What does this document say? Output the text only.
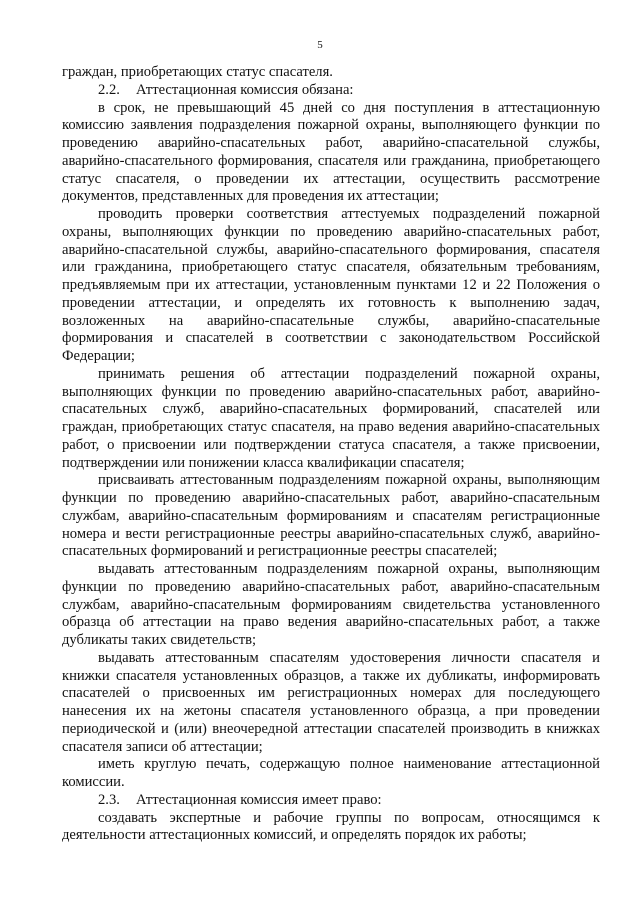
5

граждан, приобретающих статус спасателя.

2.2. Аттестационная комиссия обязана:

в срок, не превышающий 45 дней со дня поступления в аттестационную комиссию заявления подразделения пожарной охраны, выполняющего функции по проведению аварийно-спасательных работ, аварийно-спасательной службы, аварийно-спасательного формирования, спасателя или гражданина, приобретающего статус спасателя, о проведении их аттестации, осуществить рассмотрение документов, представленных для проведения их аттестации;

проводить проверки соответствия аттестуемых подразделений пожарной охраны, выполняющих функции по проведению аварийно-спасательных работ, аварийно-спасательной службы, аварийно-спасательного формирования, спасателя или гражданина, приобретающего статус спасателя, обязательным требованиям, предъявляемым при их аттестации, установленным пунктами 12 и 22 Положения о проведении аттестации, и определять их готовность к выполнению задач, возложенных на аварийно-спасательные службы, аварийно-спасательные формирования и спасателей в соответствии с законодательством Российской Федерации;

принимать решения об аттестации подразделений пожарной охраны, выполняющих функции по проведению аварийно-спасательных работ, аварийно-спасательных служб, аварийно-спасательных формирований, спасателей или граждан, приобретающих статус спасателя, на право ведения аварийно-спасательных работ, о присвоении или подтверждении статуса спасателя, а также присвоении, подтверждении или понижении класса квалификации спасателя;

присваивать аттестованным подразделениям пожарной охраны, выполняющим функции по проведению аварийно-спасательных работ, аварийно-спасательным службам, аварийно-спасательным формированиям и спасателям регистрационные номера и вести регистрационные реестры аварийно-спасательных служб, аварийно-спасательных формирований и регистрационные реестры спасателей;

выдавать аттестованным подразделениям пожарной охраны, выполняющим функции по проведению аварийно-спасательных работ, аварийно-спасательным службам, аварийно-спасательным формированиям свидетельства установленного образца об аттестации на право ведения аварийно-спасательных работ, а также дубликаты таких свидетельств;

выдавать аттестованным спасателям удостоверения личности спасателя и книжки спасателя установленных образцов, а также их дубликаты, информировать спасателей о присвоенных им регистрационных номерах для последующего нанесения их на жетоны спасателя установленного образца, а при проведении периодической и (или) внеочередной аттестации спасателей производить в книжках спасателя записи об аттестации;

иметь круглую печать, содержащую полное наименование аттестационной комиссии.

2.3. Аттестационная комиссия имеет право:

создавать экспертные и рабочие группы по вопросам, относящимся к деятельности аттестационных комиссий, и определять порядок их работы;
